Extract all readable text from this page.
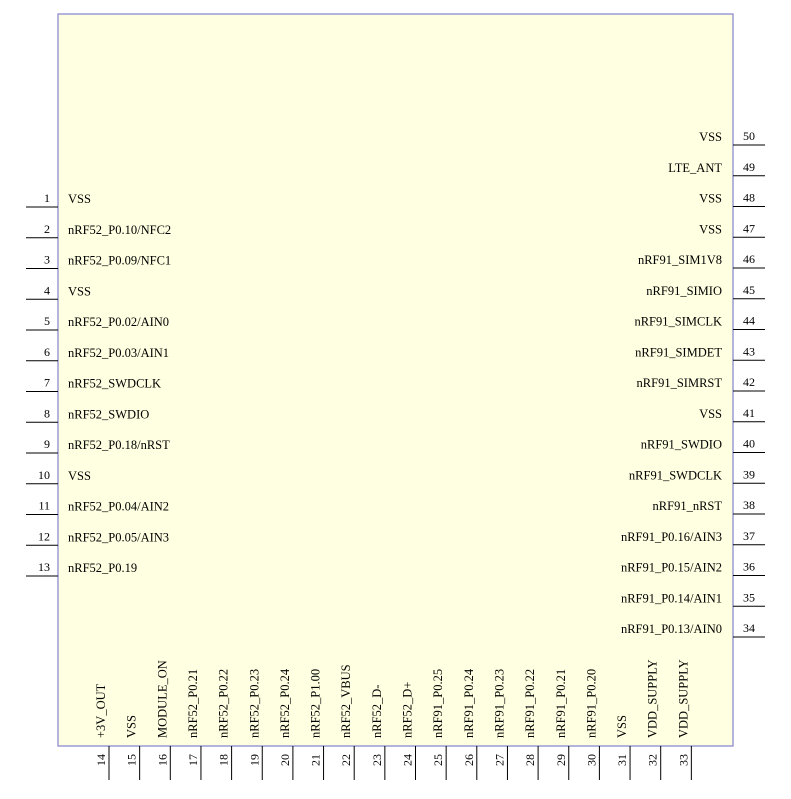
1 VSS
2 nRF52_P0.10/NFC2
3 nRF52_P0.09/NFC1
4 VSS
5 nRF52_P0.02/AIN0
6 nRF52_P0.03/AIN1
7 nRF52_SWDCLK
8 nRF52_SWDIO
9 nRF52_P0.18/nRST
10 VSS
11 nRF52_P0.04/AIN2
12 nRF52_P0.05/AIN3
13 nRF52_P0.19
50
VSS
49
LTE_ANT
48
VSS
47
VSS
46
nRF91_SIM1V8
45
nRF91_SIMIO
44
nRF91_SIMCLK
43
nRF91_SIMDET
42
nRF91_SIMRST
41
VSS
40
nRF91_SWDIO
39
nRF91_SWDCLK
38
nRF91_nRST
37
nRF91_P0.16/AIN3
36
nRF91_P0.15/AIN2
35
nRF91_P0.14/AIN1
34
nRF91_P0.13/AIN0
14
+3V_OUT
15
VSS
16
MODULE_ON
17
nRF52_P0.21
18
nRF52_P0.22
19
nRF52_P0.23
20
nRF52_P0.24
21
nRF52_P1.00
22
nRF52_VBUS
23
nRF52_D-
24
nRF52_D+
25
nRF91_P0.25
26
nRF91_P0.24
27
nRF91_P0.23
28
nRF91_P0.22
29
nRF91_P0.21
30
nRF91_P0.20
31
VSS
32
VDD_SUPPLY
33
VDD_SUPPLY
